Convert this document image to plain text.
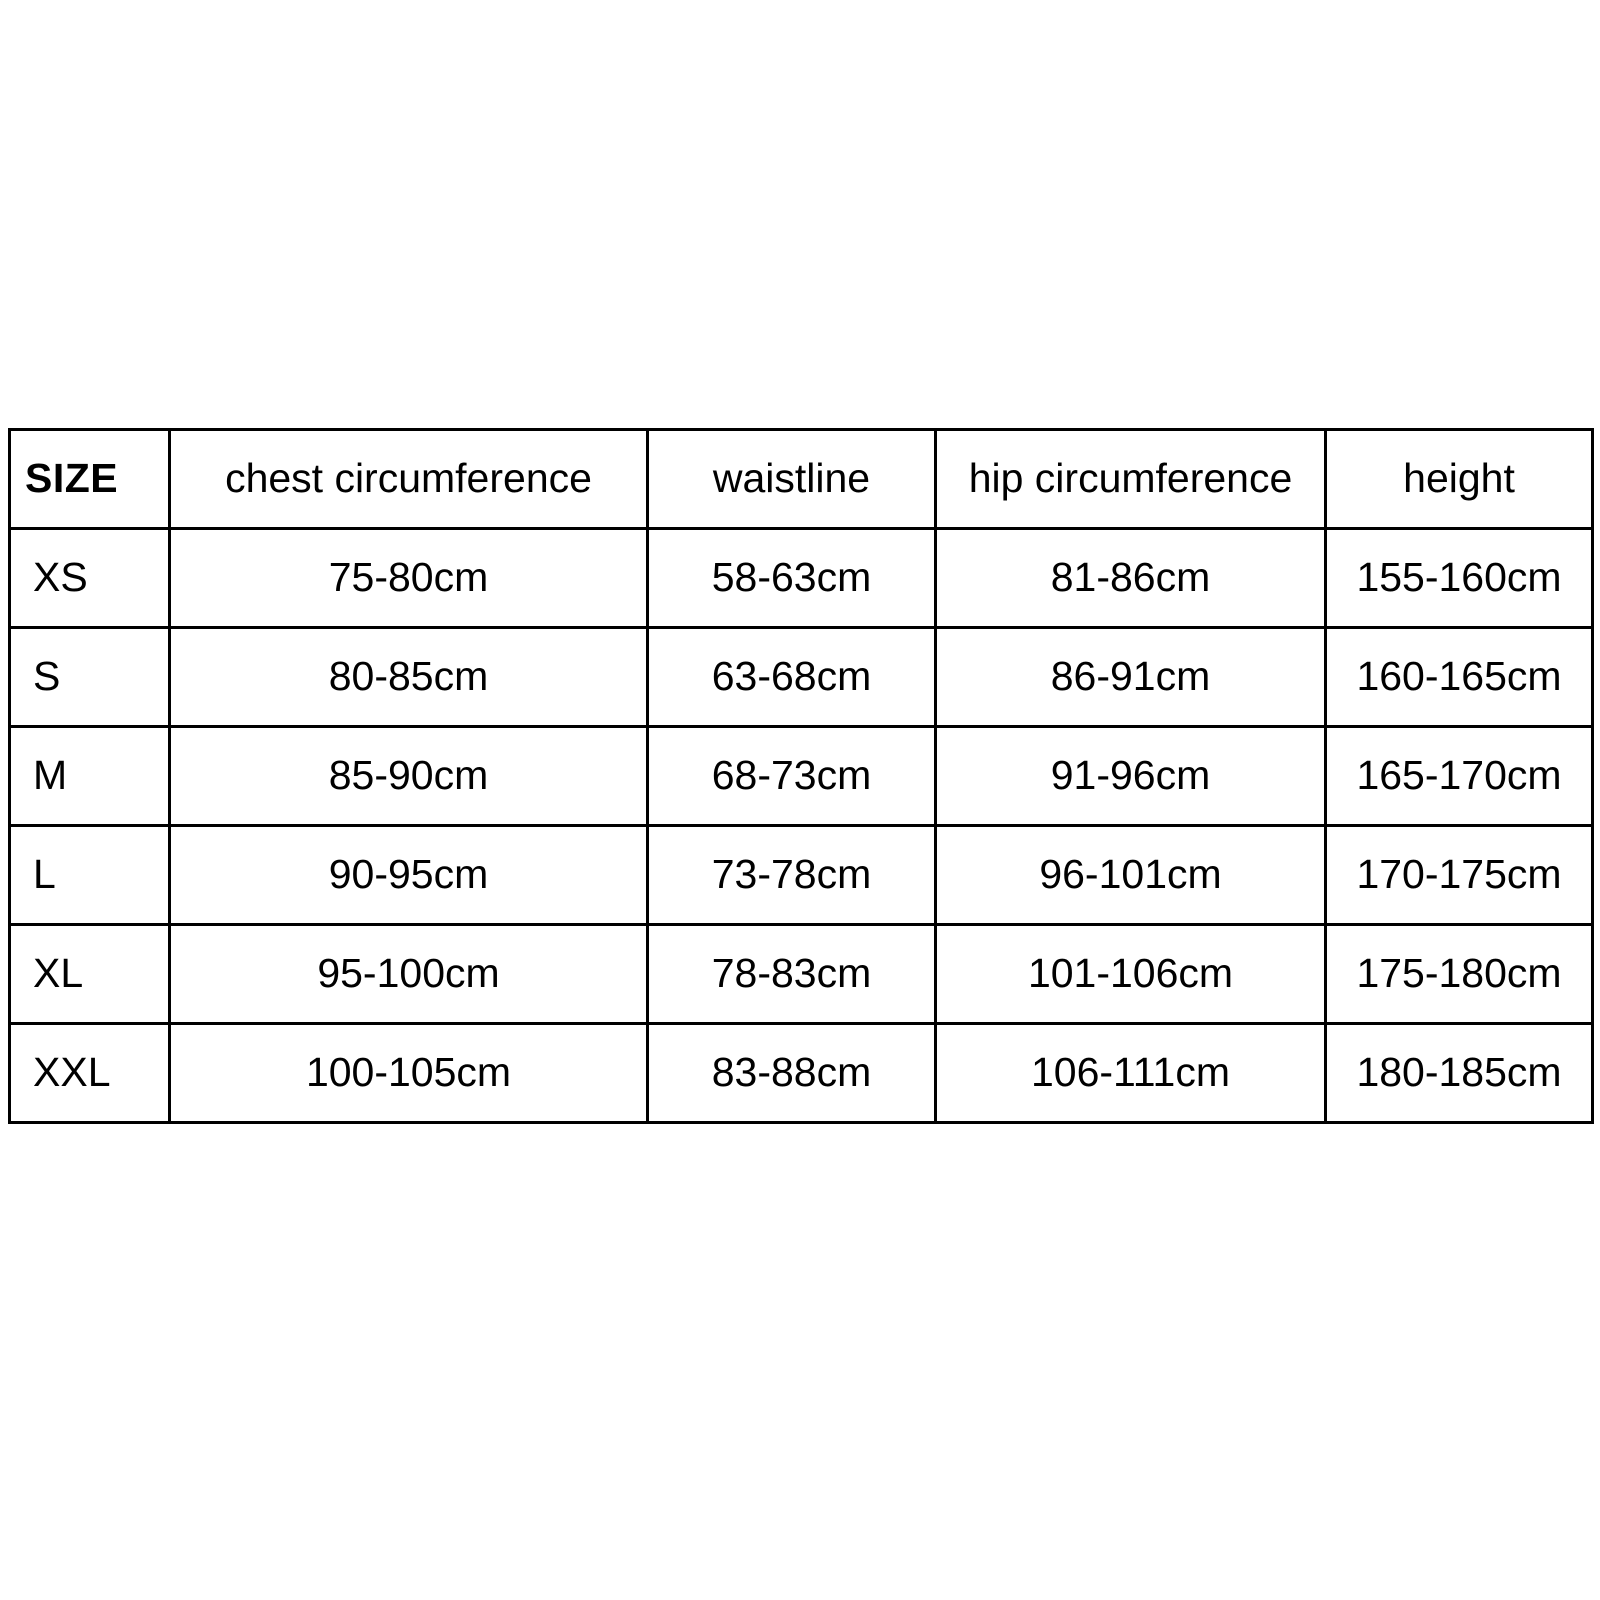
SIZE	chest circumference	waistline	hip circumference	height
XS	75-80cm	58-63cm	81-86cm	155-160cm
S	80-85cm	63-68cm	86-91cm	160-165cm
M	85-90cm	68-73cm	91-96cm	165-170cm
L	90-95cm	73-78cm	96-101cm	170-175cm
XL	95-100cm	78-83cm	101-106cm	175-180cm
XXL	100-105cm	83-88cm	106-111cm	180-185cm
